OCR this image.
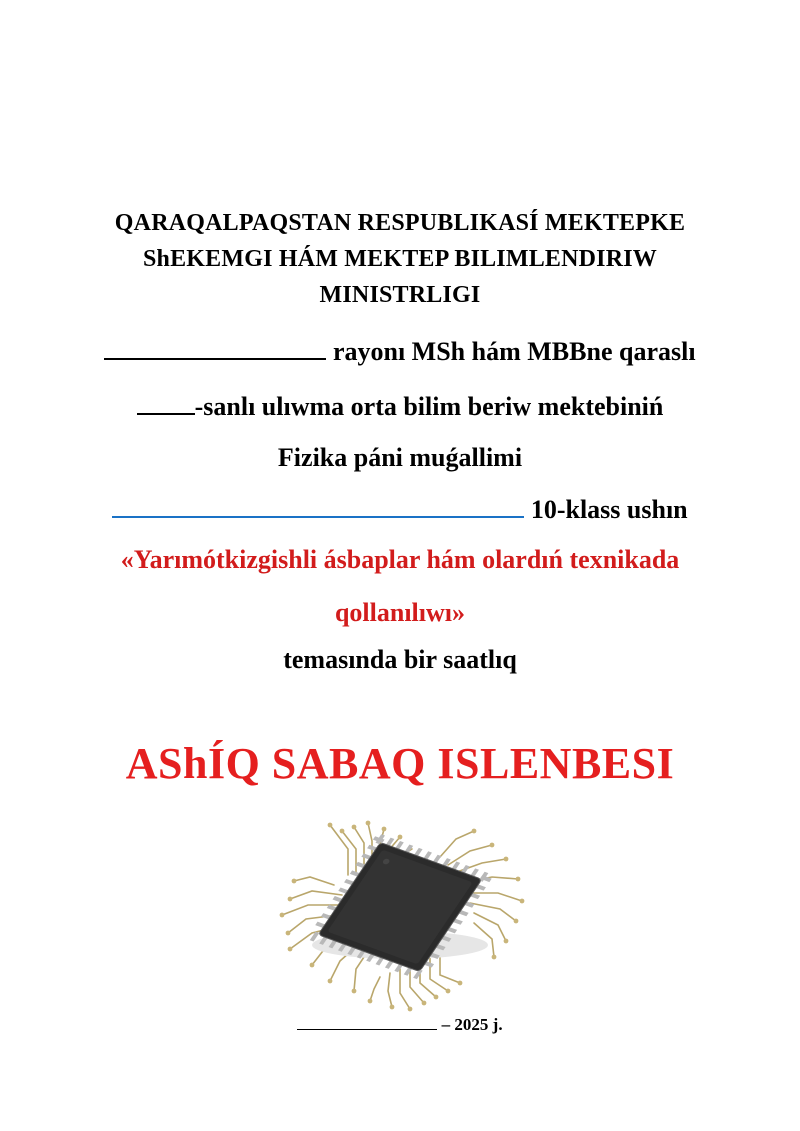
QARAQALPAQSTAN RESPUBLIKASÍ MEKTEPKE
ShEKEMGI HÁM MEKTEP BILIMLENDIRIW
MINISTRLIGI
rayonı MSh hám MBBne qaraslı
-sanlı ulıwma orta bilim beriw mektebiniń
Fizika páni muǵallimi
10-klass ushın
«Yarımótkizgishli ásbaplar hám olardıń texnikada
qollanılıwı»
temasında bir saatlıq
AShÍQ SABAQ ISLENBESI
– 2025 j.
